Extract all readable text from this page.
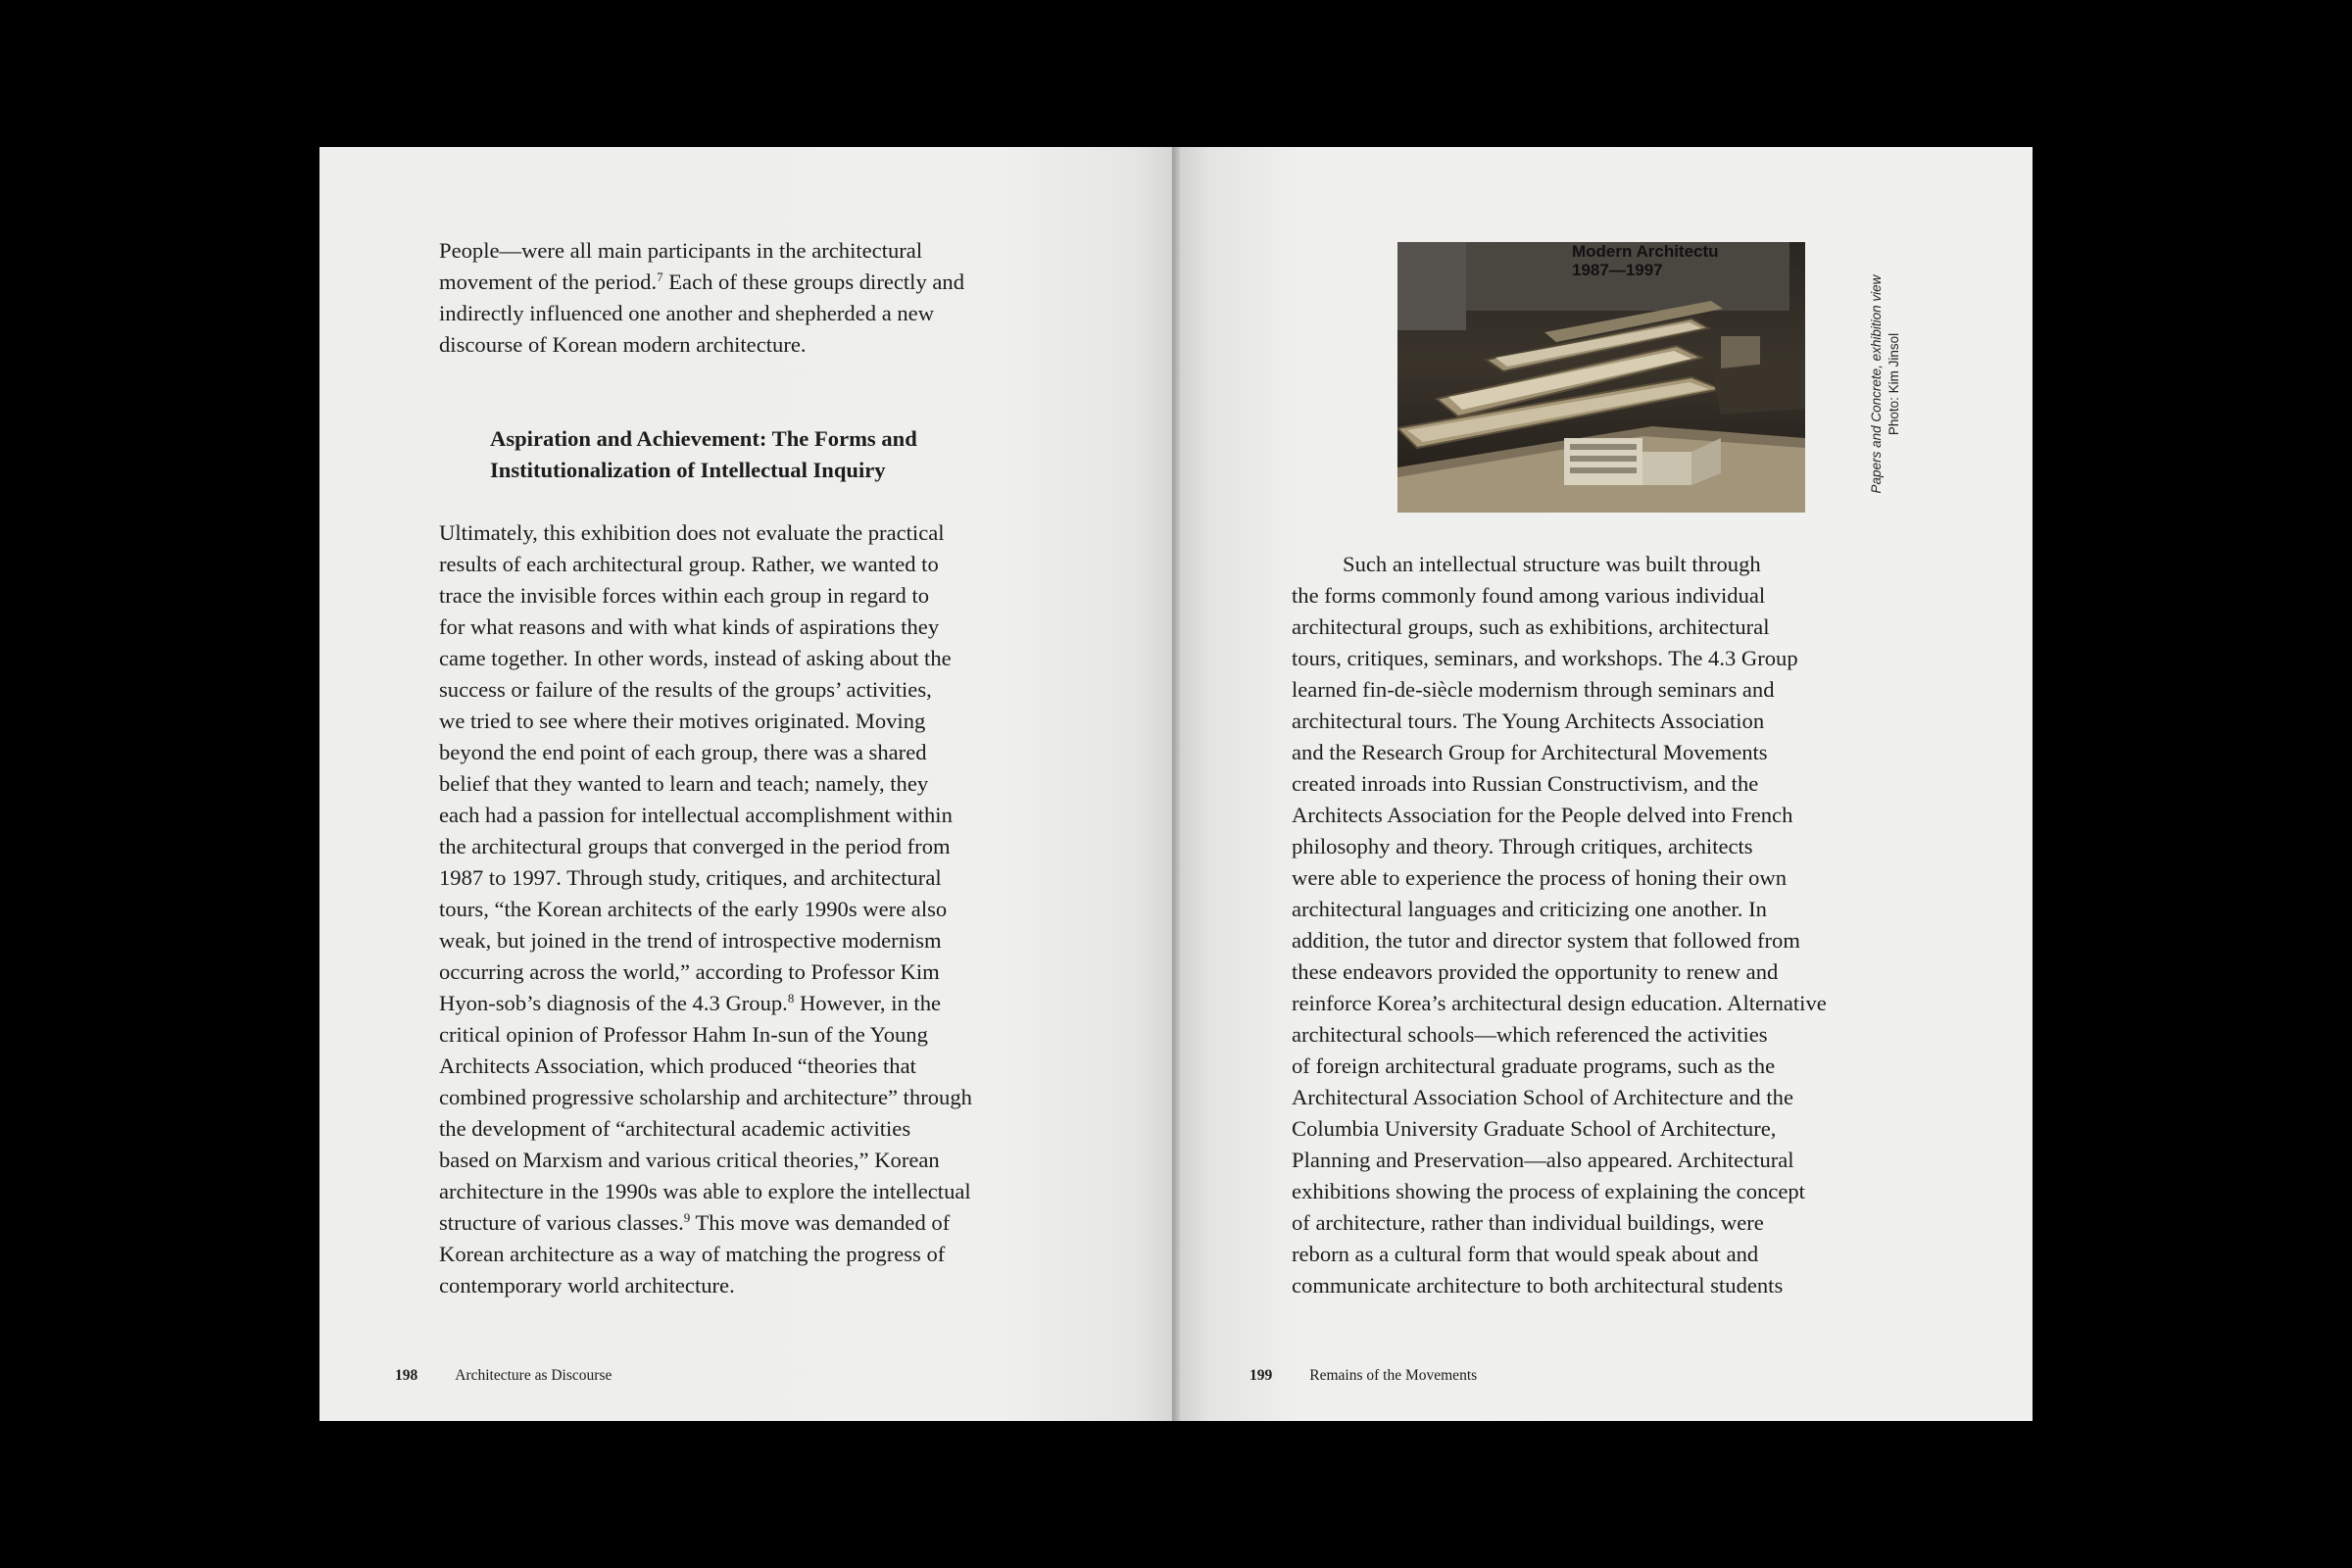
People—were all main participants in the architectural
movement of the period.$^7$ Each of these groups directly and
indirectly influenced one another and shepherded a new
discourse of Korean modern architecture.

Aspiration and Achievement: The Forms and
Institutionalization of Intellectual Inquiry

Ultimately, this exhibition does not evaluate the practical
results of each architectural group. Rather, we wanted to
trace the invisible forces within each group in regard to
for what reasons and with what kinds of aspirations they
came together. In other words, instead of asking about the
success or failure of the results of the groups’ activities,
we tried to see where their motives originated. Moving
beyond the end point of each group, there was a shared
belief that they wanted to learn and teach; namely, they
each had a passion for intellectual accomplishment within
the architectural groups that converged in the period from
1987 to 1997. Through study, critiques, and architectural
tours, “the Korean architects of the early 1990s were also
weak, but joined in the trend of introspective modernism
occurring across the world,” according to Professor Kim
Hyon-sob’s diagnosis of the 4.3 Group.$^8$ However, in the
critical opinion of Professor Hahm In-sun of the Young
Architects Association, which produced “theories that
combined progressive scholarship and architecture” through
the development of “architectural academic activities
based on Marxism and various critical theories,” Korean
architecture in the 1990s was able to explore the intellectual
structure of various classes.$^9$ This move was demanded of
Korean architecture as a way of matching the progress of
contemporary world architecture.

198 Architecture as Discourse

Such an intellectual structure was built through
the forms commonly found among various individual
architectural groups, such as exhibitions, architectural
tours, critiques, seminars, and workshops. The 4.3 Group
learned fin-de-siècle modernism through seminars and
architectural tours. The Young Architects Association
and the Research Group for Architectural Movements
created inroads into Russian Constructivism, and the
Architects Association for the People delved into French
philosophy and theory. Through critiques, architects
were able to experience the process of honing their own
architectural languages and criticizing one another. In
addition, the tutor and director system that followed from
these endeavors provided the opportunity to renew and
reinforce Korea’s architectural design education. Alternative
architectural schools—which referenced the activities
of foreign architectural graduate programs, such as the
Architectural Association School of Architecture and the
Columbia University Graduate School of Architecture,
Planning and Preservation—also appeared. Architectural
exhibitions showing the process of explaining the concept
of architecture, rather than individual buildings, were
reborn as a cultural form that would speak about and
communicate architecture to both architectural students

199 Remains of the Movements
Modern Architectu
1987—1997
Papers and Concrete, exhibition view Photo: Kim Jinsol
